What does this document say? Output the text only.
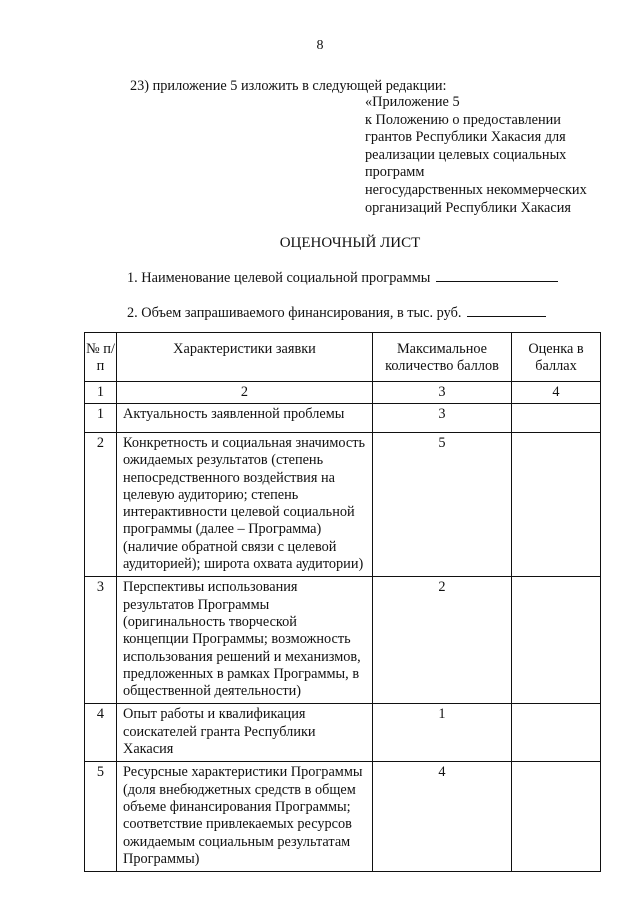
8
23) приложение 5 изложить в следующей редакции:
«Приложение 5
к Положению о предоставлении
грантов Республики Хакасия для
реализации целевых социальных
программ
негосударственных некоммерческих
организаций Республики Хакасия
ОЦЕНОЧНЫЙ ЛИСТ
1. Наименование целевой социальной программы
2. Объем запрашиваемого финансирования, в тыс. руб.
№ п/п	Характеристики заявки	Максимальное количество баллов	Оценка в баллах
1	2	3	4
1	Актуальность заявленной проблемы	3	
2	Конкретность и социальная значимость ожидаемых результатов (степень непосредственного воздействия на целевую аудиторию; степень интерактивности целевой социальной программы (далее – Программа) (наличие обратной связи с целевой аудиторией); широта охвата аудитории)	5	
3	Перспективы использования результатов Программы (оригинальность творческой концепции Программы; возможность использования решений и механизмов, предложенных в рамках Программы, в общественной деятельности)	2	
4	Опыт работы и квалификация соискателей гранта Республики Хакасия	1	
5	Ресурсные характеристики Программы (доля внебюджетных средств в общем объеме финансирования Программы; соответствие привлекаемых ресурсов ожидаемым социальным результатам Программы)	4	
